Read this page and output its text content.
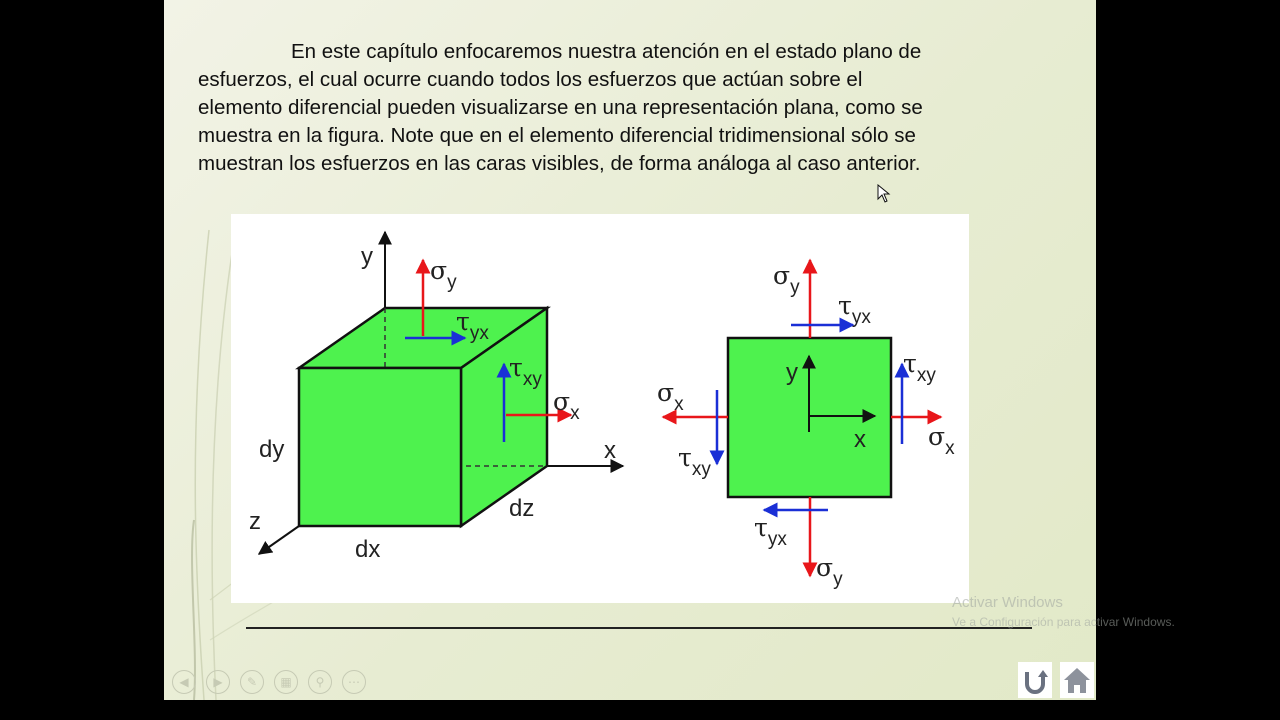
En este capítulo enfocaremos nuestra atención en el estado plano de
esfuerzos, el cual ocurre cuando todos los esfuerzos que actúan sobre el
elemento diferencial pueden visualizarse en una representación plana, como se
muestra en la figura. Note que en el elemento diferencial tridimensional sólo se
muestran los esfuerzos en las caras visibles, de forma análoga al caso anterior.

y
x
z
dy
dx
dz
σy
τyx
τxy
σx
y
x
σy
τyx
σy
τyx
σx
τxy
σx
τxy
◀	▶	✎	▦	⚲	⋯
Activar Windows
Ve a Configuración para activar Windows.
